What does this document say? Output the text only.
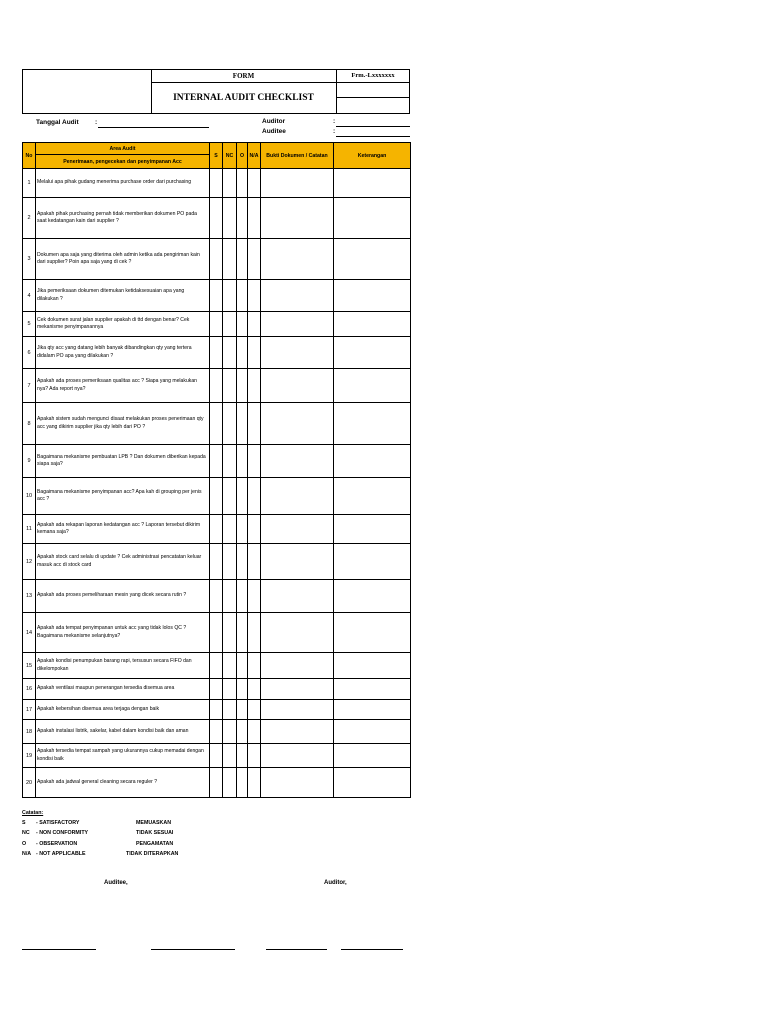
FORM
INTERNAL AUDIT CHECKLIST
Frm.-Lxxxxxxx
Tanggal Audit	:	Auditor	:
Auditee	:
No	Area Audit	S	NC	O	N/A	Bukti Dokumen / Catatan	Keterangan
	Penerimaan, pengecekan dan penyimpanan Acc						
1	Melalui apa pihak gudang menerima purchase order dari purchasing						
2	Apakah pihak purchasing pernah tidak memberikan dokumen PO pada saat kedatangan kain dari supplier ?						
3	Dokumen apa saja yang diterima oleh admin ketika ada pengiriman kain dari supplier? Poin apa saja yang di cek ?						
4	Jika pemeriksaan dokumen ditemukan ketidaksesuaian apa yang dilakukan ?						
5	Cek dokumen surat jalan supplier apakah di ttd dengan benar? Cek mekanisme penyimpanannya						
6	Jika qty acc yang datang lebih banyak dibandingkan qty yang tertera didalam PO apa yang dilakukan ?						
7	Apakah ada proses pemeriksaan qualitas acc ? Siapa yang melakukan nya? Ada report nya?						
8	Apakah sistem sudah mengunci disaat melakukan proses penerimaan qty acc yang dikirim supplier jika qty lebih dari PO ?						
9	Bagaimana mekanisme pembuatan LPB ? Dan dokumen diberikan kepada siapa saja?						
10	Bagaimana mekanisme penyimpanan acc? Apa kah di grouping per jenis acc ?						
11	Apakah ada rekapan laporan kedatangan acc ? Laporan tersebut dikirim kemana saja?						
12	Apakah stock card selalu di update ? Cek administrasi pencatatan keluar masuk acc di stock card						
13	Apakah ada proses pemeliharaan mesin yang dicek secara rutin ?						
14	Apakah ada tempat penyimpanan untuk acc yang tidak lolos QC ? Bagaimana mekanisme selanjutnya?						
15	Apakah kondisi penumpukan barang rapi, tersusun secara FIFO dan dikelompokan						
16	Apakah ventilasi maupun penerangan tersedia disemua area						
17	Apakah kebersihan disemua area terjaga dengan baik						
18	Apakah instalasi listrik, sakelar, kabel dalam kondisi baik dan aman						
19	Apakah tersedia tempat sampah yang ukurannya cukup memadai dengan kondisi baik						
20	Apakah ada jadwal general cleaning secara reguler ?						
Catatan:
S - SATISFACTORY	MEMUASKAN
NC - NON CONFORMITY	TIDAK SESUAI
O - OBSERVATION	PENGAMATAN
N/A - NOT APPLICABLE	TIDAK DITERAPKAN
Auditee,	Auditor,
